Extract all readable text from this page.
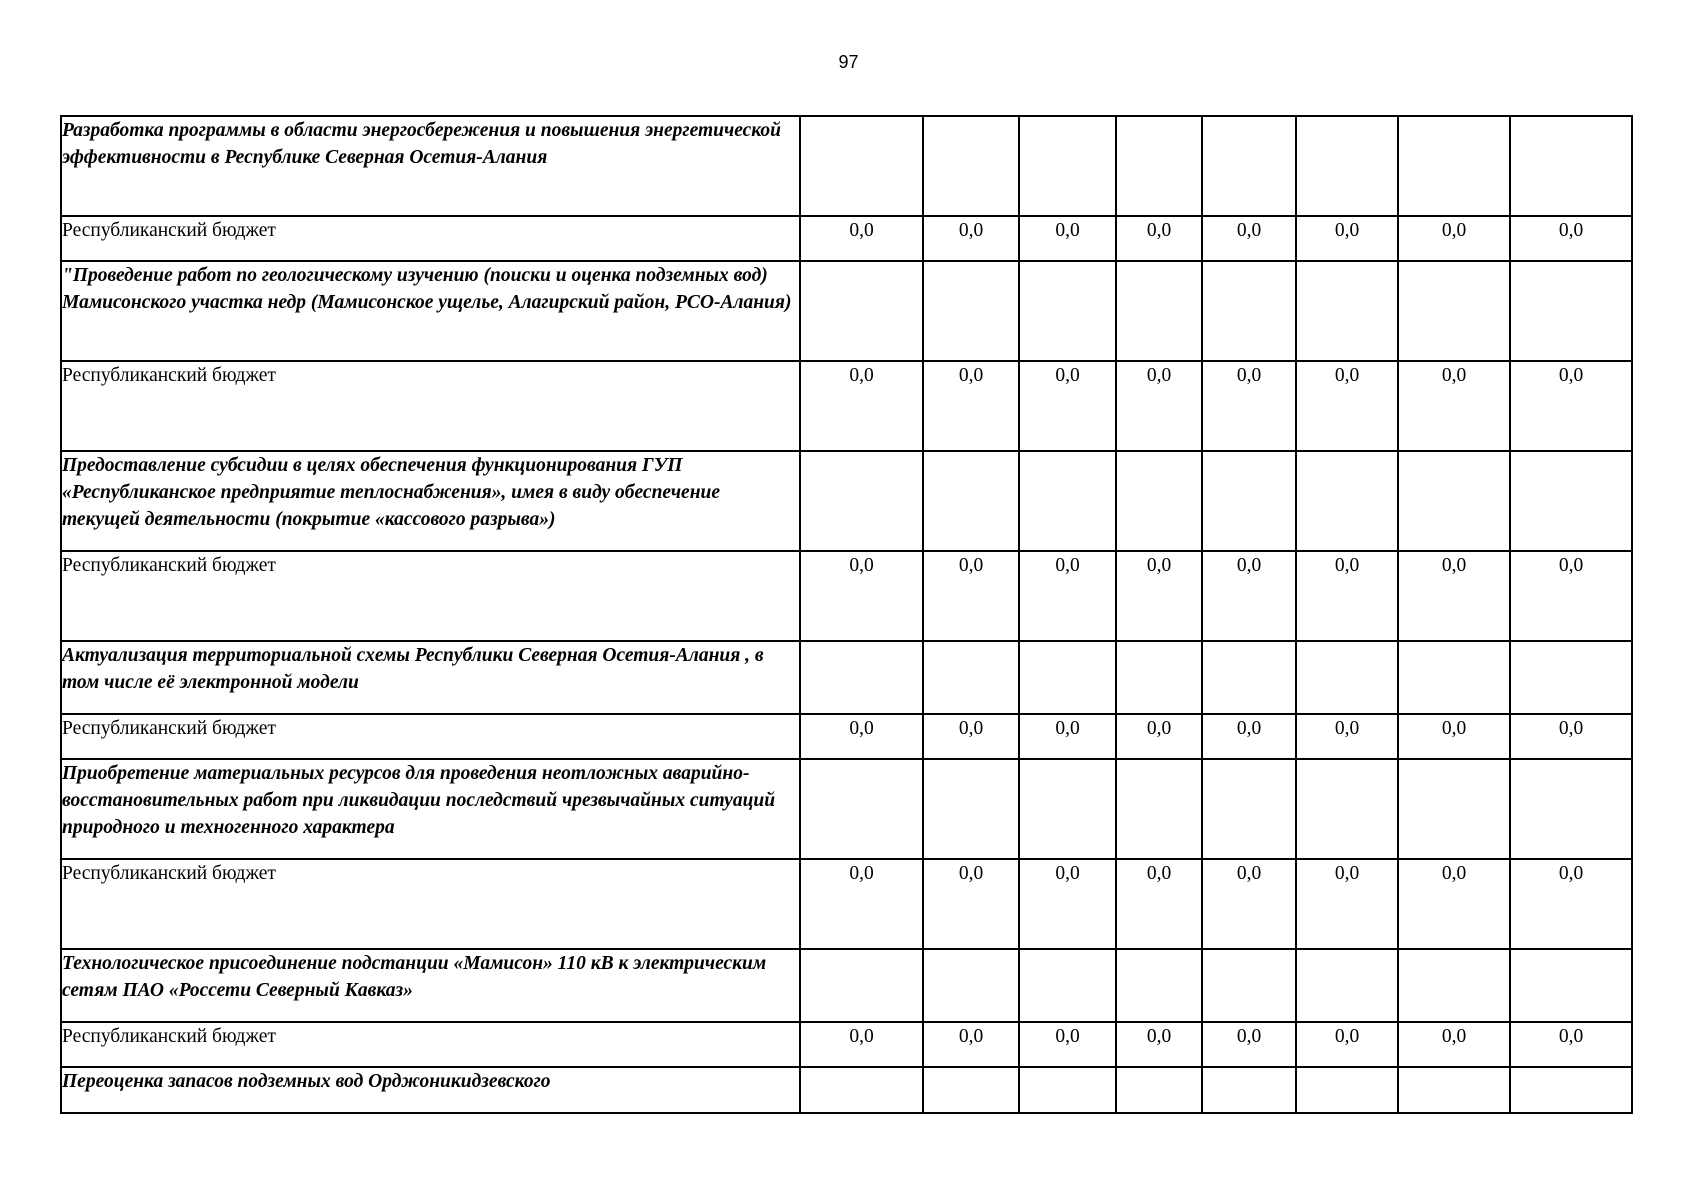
97
Разработка программы в области энергосбережения и повышения энергетической эффективности в Республике Северная Осетия-Алания								
Республиканский бюджет	0,0	0,0	0,0	0,0	0,0	0,0	0,0	0,0
"Проведение работ по геологическому изучению (поиски и оценка подземных вод) Мамисонского участка недр (Мамисонское ущелье, Алагирский район, РСО-Алания)								
Республиканский бюджет	0,0	0,0	0,0	0,0	0,0	0,0	0,0	0,0
Предоставление субсидии в целях обеспечения функционирования ГУП «Республиканское предприятие теплоснабжения», имея в виду обеспечение текущей деятельности (покрытие «кассового разрыва»)								
Республиканский бюджет	0,0	0,0	0,0	0,0	0,0	0,0	0,0	0,0
Актуализация территориальной схемы Республики Северная Осетия-Алания , в том числе её электронной модели								
Республиканский бюджет	0,0	0,0	0,0	0,0	0,0	0,0	0,0	0,0
Приобретение материальных ресурсов для проведения неотложных аварийно-восстановительных работ при ликвидации последствий чрезвычайных ситуаций природного и техногенного характера								
Республиканский бюджет	0,0	0,0	0,0	0,0	0,0	0,0	0,0	0,0
Технологическое присоединение подстанции «Мамисон» 110 кВ к электрическим сетям ПАО «Россети Северный Кавказ»								
Республиканский бюджет	0,0	0,0	0,0	0,0	0,0	0,0	0,0	0,0
Переоценка запасов подземных вод Орджоникидзевского								
